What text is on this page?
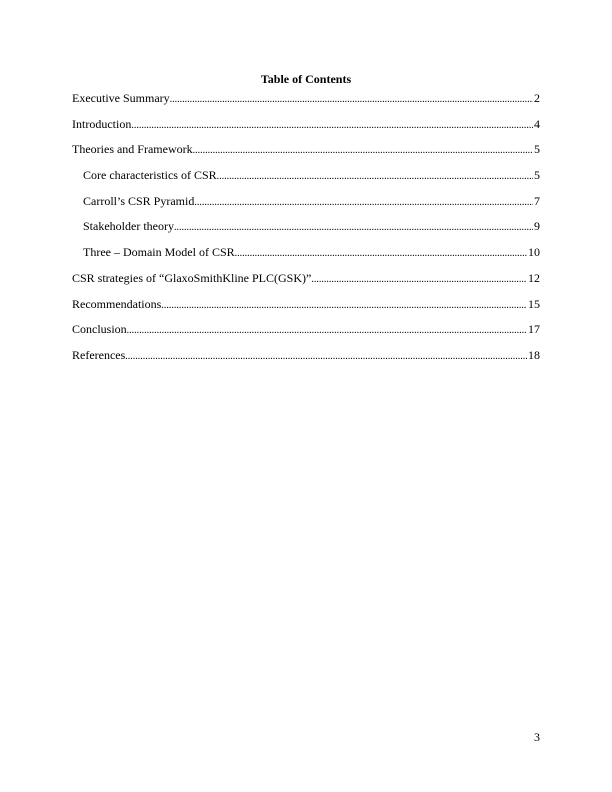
Table of Contents
Executive Summary .....	2
Introduction .....	4
Theories and Framework .....	5
Core characteristics of CSR .....	5
Carroll’s CSR Pyramid .....	7
Stakeholder theory .....	9
Three – Domain Model of CSR .....	10
CSR strategies of “GlaxoSmithKline PLC(GSK)” .....	12
Recommendations .....	15
Conclusion .....	17
References .....	18
3
